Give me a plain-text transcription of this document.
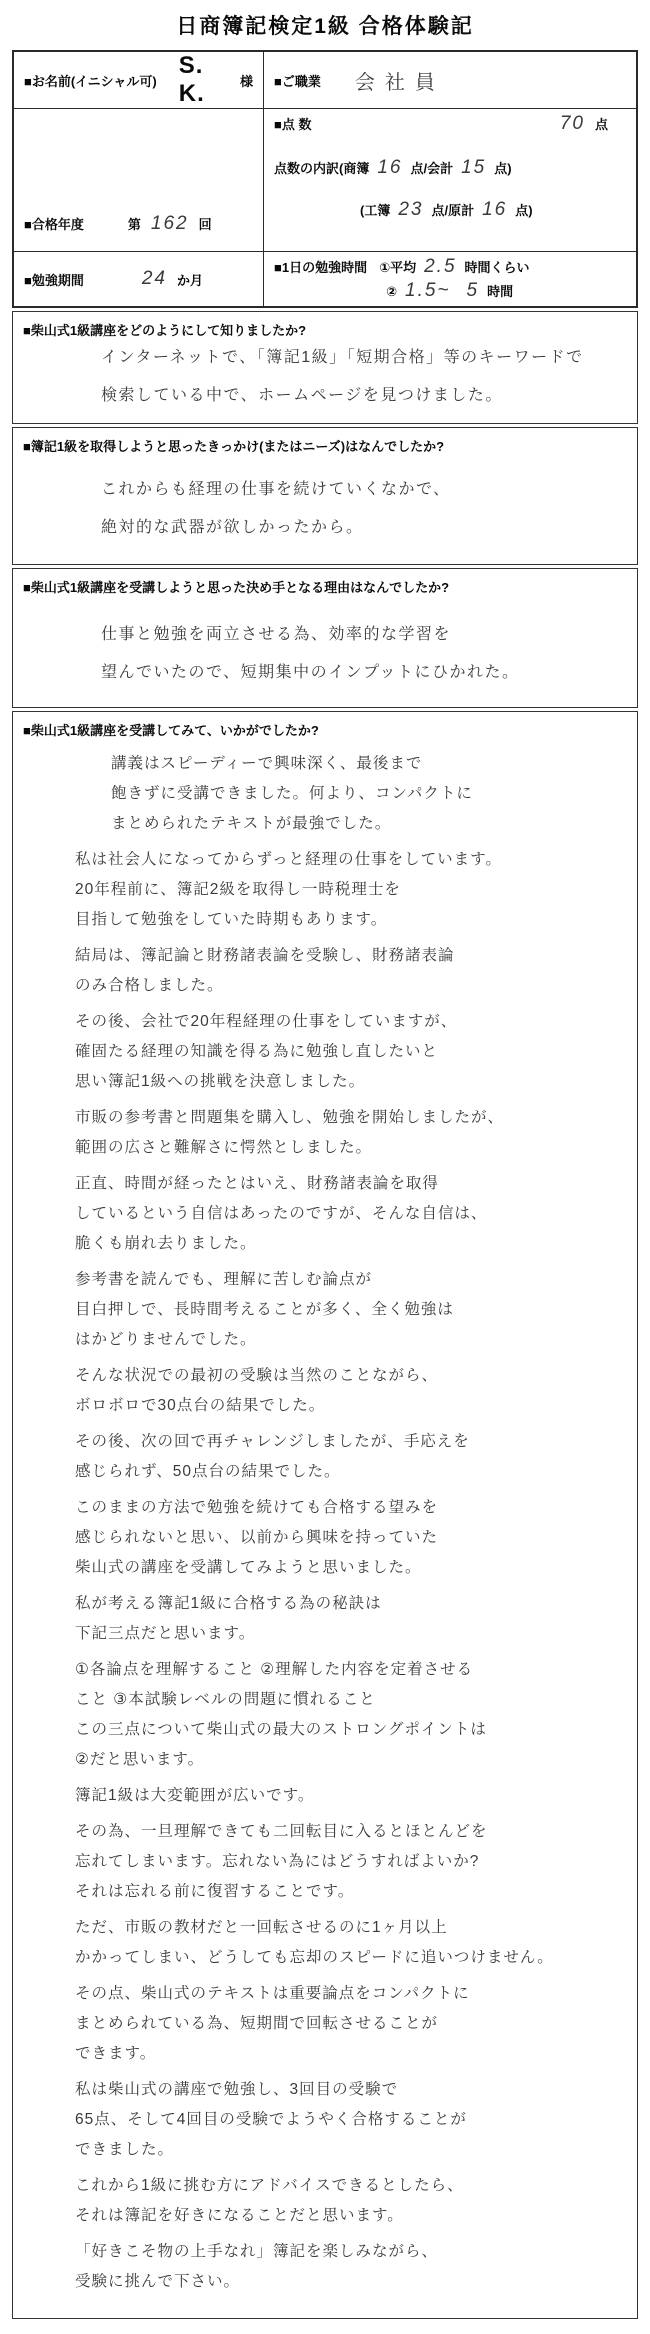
日商簿記検定1級 合格体験記
■お名前(イニシャル可)
S. K.	様 ■ご職業 会社員
■合格年度	第 162 回
■点 数	70 点
点数の内訳(商簿 16 点/会計 15 点)
(工簿 23 点/原計 16 点)
■勉強期間	24 か月
■1日の勉強時間 ①平均 2.5 時間くらい
② 1.5~ 5 時間
■柴山式1級講座をどのようにして知りましたか?
インターネットで、「簿記1級」「短期合格」等のキーワードで
検索している中で、ホームページを見つけました。
■簿記1級を取得しようと思ったきっかけ(またはニーズ)はなんでしたか?
これからも経理の仕事を続けていくなかで、
絶対的な武器が欲しかったから。
■柴山式1級講座を受講しようと思った決め手となる理由はなんでしたか?
仕事と勉強を両立させる為、効率的な学習を
望んでいたので、短期集中のインプットにひかれた。
■柴山式1級講座を受講してみて、いかがでしたか?
講義はスピーディーで興味深く、最後まで
飽きずに受講できました。何より、コンパクトに
まとめられたテキストが最強でした。
私は社会人になってからずっと経理の仕事をしています。
20年程前に、簿記2級を取得し一時税理士を
目指して勉強をしていた時期もあります。
結局は、簿記論と財務諸表論を受験し、財務諸表論
のみ合格しました。
その後、会社で20年程経理の仕事をしていますが、
確固たる経理の知識を得る為に勉強し直したいと
思い簿記1級への挑戦を決意しました。
市販の参考書と問題集を購入し、勉強を開始しましたが、
範囲の広さと難解さに愕然としました。
正直、時間が経ったとはいえ、財務諸表論を取得
しているという自信はあったのですが、そんな自信は、
脆くも崩れ去りました。
参考書を読んでも、理解に苦しむ論点が
目白押しで、長時間考えることが多く、全く勉強は
はかどりませんでした。
そんな状況での最初の受験は当然のことながら、
ボロボロで30点台の結果でした。
その後、次の回で再チャレンジしましたが、手応えを
感じられず、50点台の結果でした。
このままの方法で勉強を続けても合格する望みを
感じられないと思い、以前から興味を持っていた
柴山式の講座を受講してみようと思いました。
私が考える簿記1級に合格する為の秘訣は
下記三点だと思います。
①各論点を理解すること ②理解した内容を定着させる
こと ③本試験レベルの問題に慣れること
この三点について柴山式の最大のストロングポイントは
②だと思います。
簿記1級は大変範囲が広いです。
その為、一旦理解できても二回転目に入るとほとんどを
忘れてしまいます。忘れない為にはどうすればよいか?
それは忘れる前に復習することです。
ただ、市販の教材だと一回転させるのに1ヶ月以上
かかってしまい、どうしても忘却のスピードに追いつけません。
その点、柴山式のテキストは重要論点をコンパクトに
まとめられている為、短期間で回転させることが
できます。
私は柴山式の講座で勉強し、3回目の受験で
65点、そして4回目の受験でようやく合格することが
できました。
これから1級に挑む方にアドバイスできるとしたら、
それは簿記を好きになることだと思います。
「好きこそ物の上手なれ」簿記を楽しみながら、
受験に挑んで下さい。
